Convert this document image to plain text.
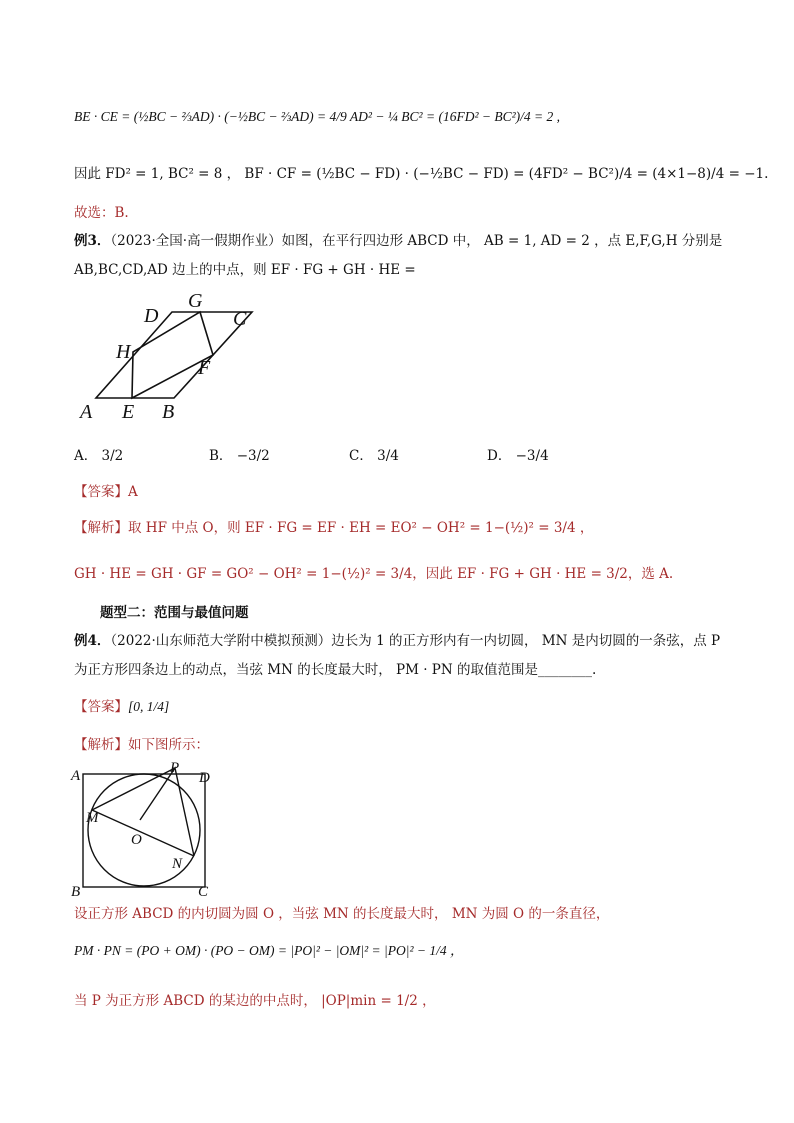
BE · CE = (½BC − ⅔AD) · (−½BC − ⅔AD) = 4/9 AD² − ¼ BC² = (16FD² − BC²)/4 = 2 ,
因此 FD² = 1, BC² = 8 ， BF · CF = (½BC − FD) · (−½BC − FD) = (4FD² − BC²)/4 = (4×1−8)/4 = −1.
故选：B.
例3．（2023·全国·高一假期作业）如图，在平行四边形 ABCD 中， AB = 1, AD = 2 ，点 E,F,G,H 分别是
AB,BC,CD,AD 边上的中点，则 EF · FG + GH · HE =
D
G
C
H
F
A E B
A． 3/2	B． −3/2	C． 3/4	D． −3/4
【答案】A
【解析】取 HF 中点 O，则 EF · FG = EF · EH = EO² − OH² = 1−(½)² = 3/4 ，
GH · HE = GH · GF = GO² − OH² = 1−(½)² = 3/4，因此 EF · FG + GH · HE = 3/2，选 A.
题型二：范围与最值问题
例4．（2022·山东师范大学附中模拟预测）边长为 1 的正方形内有一内切圆， MN 是内切圆的一条弦，点 P
为正方形四条边上的动点，当弦 MN 的长度最大时， PM · PN 的取值范围是________.
【答案】[0, 1/4]
【解析】如下图所示：
A	P
D
M
O
N
B	C
设正方形 ABCD 的内切圆为圆 O ，当弦 MN 的长度最大时， MN 为圆 O 的一条直径，
PM · PN = (PO + OM) · (PO − OM) = |PO|² − |OM|² = |PO|² − 1/4 ，
当 P 为正方形 ABCD 的某边的中点时， |OP|min = 1/2 ，
